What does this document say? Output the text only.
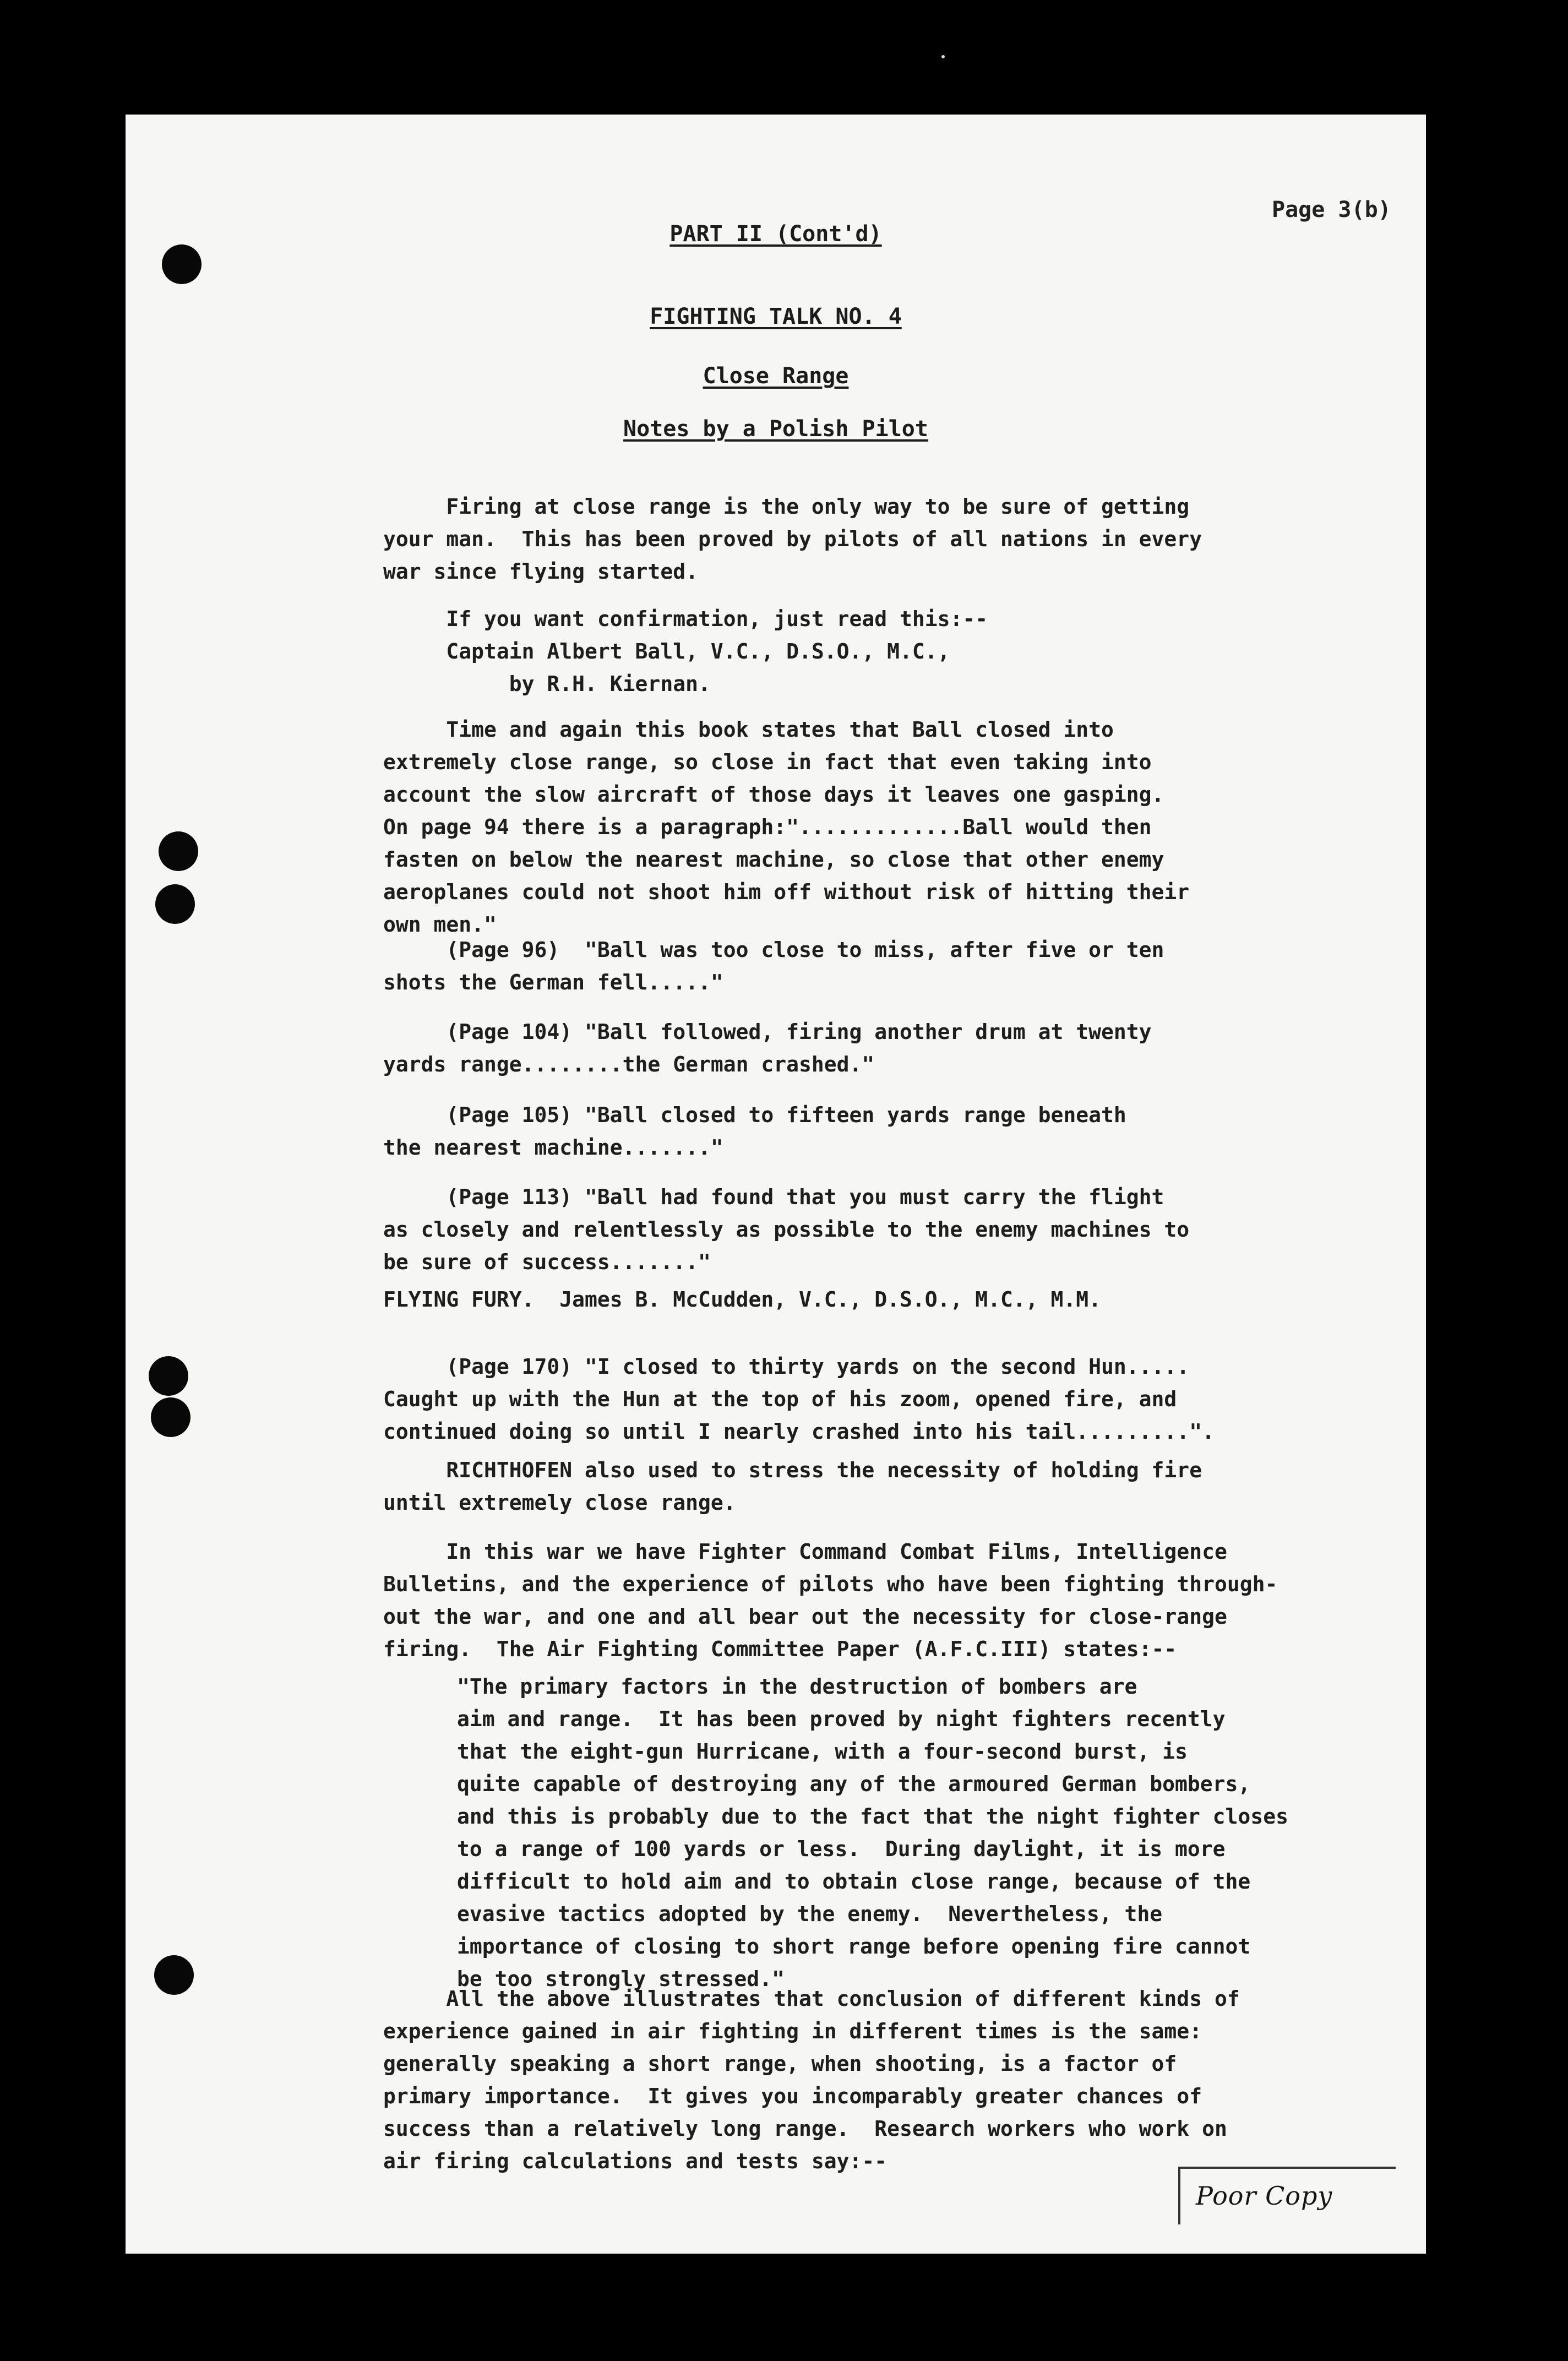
Page 3(b)
PART II (Cont'd)
FIGHTING TALK NO. 4
Close Range
Notes by a Polish Pilot
Firing at close range is the only way to be sure of getting
your man.  This has been proved by pilots of all nations in every
war since flying started.
If you want confirmation, just read this:--
Captain Albert Ball, V.C., D.S.O., M.C.,
by R.H. Kiernan.
Time and again this book states that Ball closed into
extremely close range, so close in fact that even taking into
account the slow aircraft of those days it leaves one gasping.
On page 94 there is a paragraph:".............Ball would then
fasten on below the nearest machine, so close that other enemy
aeroplanes could not shoot him off without risk of hitting their
own men."
(Page 96)  "Ball was too close to miss, after five or ten
shots the German fell....."
(Page 104) "Ball followed, firing another drum at twenty
yards range........the German crashed."
(Page 105) "Ball closed to fifteen yards range beneath
the nearest machine......."
(Page 113) "Ball had found that you must carry the flight
as closely and relentlessly as possible to the enemy machines to
be sure of success......."
FLYING FURY.  James B. McCudden, V.C., D.S.O., M.C., M.M.
(Page 170) "I closed to thirty yards on the second Hun.....
Caught up with the Hun at the top of his zoom, opened fire, and
continued doing so until I nearly crashed into his tail.........".
RICHTHOFEN also used to stress the necessity of holding fire
until extremely close range.
In this war we have Fighter Command Combat Films, Intelligence
Bulletins, and the experience of pilots who have been fighting through-
out the war, and one and all bear out the necessity for close-range
firing.  The Air Fighting Committee Paper (A.F.C.III) states:--
"The primary factors in the destruction of bombers are
aim and range.  It has been proved by night fighters recently
that the eight-gun Hurricane, with a four-second burst, is
quite capable of destroying any of the armoured German bombers,
and this is probably due to the fact that the night fighter closes
to a range of 100 yards or less.  During daylight, it is more
difficult to hold aim and to obtain close range, because of the
evasive tactics adopted by the enemy.  Nevertheless, the
importance of closing to short range before opening fire cannot
be too strongly stressed."
All the above illustrates that conclusion of different kinds of
experience gained in air fighting in different times is the same:
generally speaking a short range, when shooting, is a factor of
primary importance.  It gives you incomparably greater chances of
success than a relatively long range.  Research workers who work on
air firing calculations and tests say:--
Poor Copy
